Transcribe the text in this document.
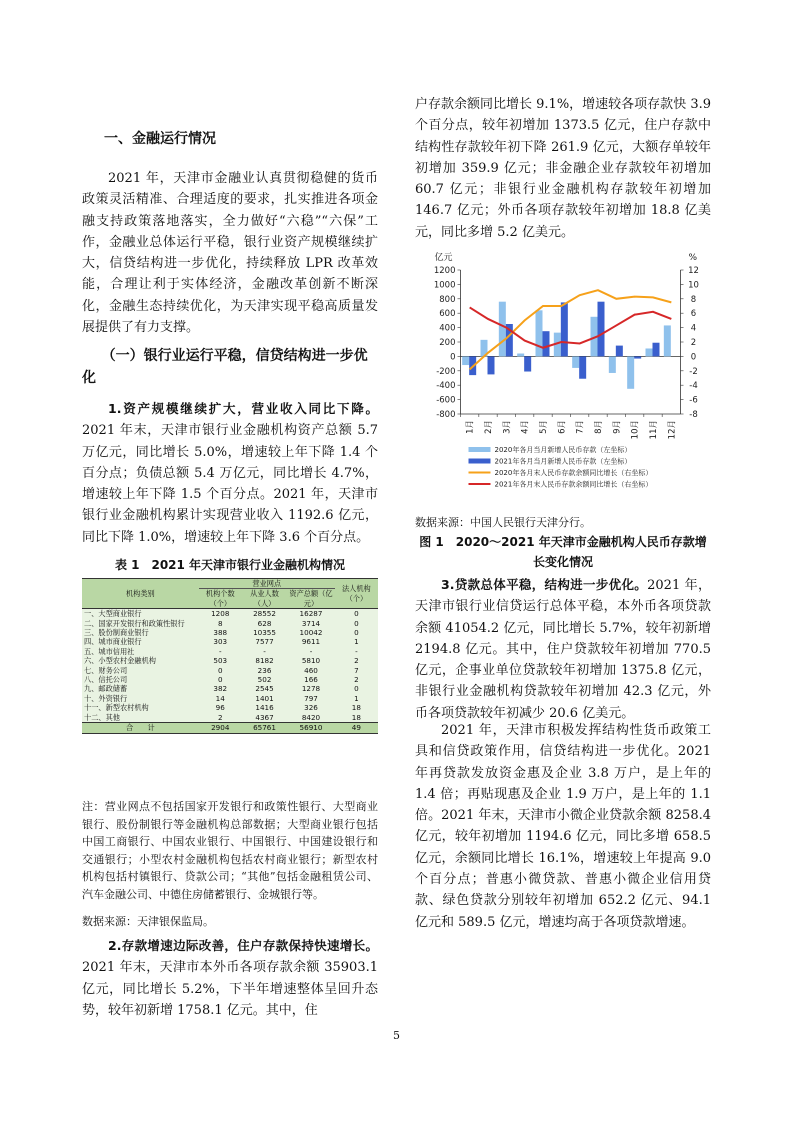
一、金融运行情况

2021 年，天津市金融业认真贯彻稳健的货币政策灵活精准、合理适度的要求，扎实推进各项金融支持政策落地落实，全力做好“六稳”“六保”工作，金融业总体运行平稳，银行业资产规模继续扩大，信贷结构进一步优化，持续释放 LPR 改革效能，合理让利于实体经济，金融改革创新不断深化，金融生态持续优化，为天津实现平稳高质量发展提供了有力支撑。

（一）银行业运行平稳，信贷结构进一步优化

1.资产规模继续扩大，营业收入同比下降。2021 年末，天津市银行业金融机构资产总额 5.7 万亿元，同比增长 5.0%，增速较上年下降 1.4 个百分点；负债总额 5.4 万亿元，同比增长 4.7%，增速较上年下降 1.5 个百分点。2021 年，天津市银行业金融机构累计实现营业收入 1192.6 亿元，同比下降 1.0%，增速较上年下降 3.6 个百分点。

表 1　2021 年天津市银行业金融机构情况
机构类别	营业网点			法人机构（个）
	机构个数（个）	从业人数（人）	资产总额（亿元）	
一、大型商业银行	1208	28552	16287	0
二、国家开发银行和政策性银行	8	628	3714	0
三、股份制商业银行	388	10355	10042	0
四、城市商业银行	303	7577	9611	1
五、城市信用社	-	-	-	-
六、小型农村金融机构	503	8182	5810	2
七、财务公司	0	236	460	7
八、信托公司	0	502	166	2
九、邮政储蓄	382	2545	1278	0
十、外资银行	14	1401	797	1
十一、新型农村机构	96	1416	326	18
十二、其他	2	4367	8420	18
合　　计	2904	65761	56910	49

注：营业网点不包括国家开发银行和政策性银行、大型商业银行、股份制银行等金融机构总部数据；大型商业银行包括中国工商银行、中国农业银行、中国银行、中国建设银行和交通银行；小型农村金融机构包括农村商业银行；新型农村机构包括村镇银行、贷款公司；“其他”包括金融租赁公司、汽车金融公司、中德住房储蓄银行、金城银行等。

数据来源：天津银保监局。

2.存款增速边际改善，住户存款保持快速增长。2021 年末，天津市本外币各项存款余额 35903.1 亿元，同比增长 5.2%，下半年增速整体呈回升态势，较年初新增 1758.1 亿元。其中，住

户存款余额同比增长 9.1%，增速较各项存款快 3.9 个百分点，较年初增加 1373.5 亿元，住户存款中结构性存款较年初下降 261.9 亿元，大额存单较年初增加 359.9 亿元；非金融企业存款较年初增加 60.7 亿元；非银行业金融机构存款较年初增加 146.7 亿元；外币各项存款较年初增加 18.8 亿美元，同比多增 5.2 亿美元。

-800
-600
-400
-200
0
200
400
600
800
1000
1200
-8
-6
-4
-2
0
2
4
6
8
10
12
亿元	%
1月 2月 3月 4月 5月 6月 7月 8月 9月 10月 11月 12月
2020年各月当月新增人民币存款（左坐标）
2021年各月当月新增人民币存款（左坐标）
2020年各月末人民币存款余额同比增长（右坐标）
2021年各月末人民币存款余额同比增长（右坐标）

数据来源：中国人民银行天津分行。

图 1　2020～2021 年天津市金融机构人民币存款增长变化情况

3.贷款总体平稳，结构进一步优化。2021 年，天津市银行业信贷运行总体平稳，本外币各项贷款余额 41054.2 亿元，同比增长 5.7%，较年初新增 2194.8 亿元。其中，住户贷款较年初增加 770.5 亿元，企事业单位贷款较年初增加 1375.8 亿元，非银行业金融机构贷款较年初增加 42.3 亿元，外币各项贷款较年初减少 20.6 亿美元。

2021 年，天津市积极发挥结构性货币政策工具和信贷政策作用，信贷结构进一步优化。2021 年再贷款发放资金惠及企业 3.8 万户，是上年的 1.4 倍；再贴现惠及企业 1.9 万户，是上年的 1.1 倍。2021 年末，天津市小微企业贷款余额 8258.4 亿元，较年初增加 1194.6 亿元，同比多增 658.5 亿元，余额同比增长 16.1%，增速较上年提高 9.0 个百分点；普惠小微贷款、普惠小微企业信用贷款、绿色贷款分别较年初增加 652.2 亿元、94.1 亿元和 589.5 亿元，增速均高于各项贷款增速。

5
